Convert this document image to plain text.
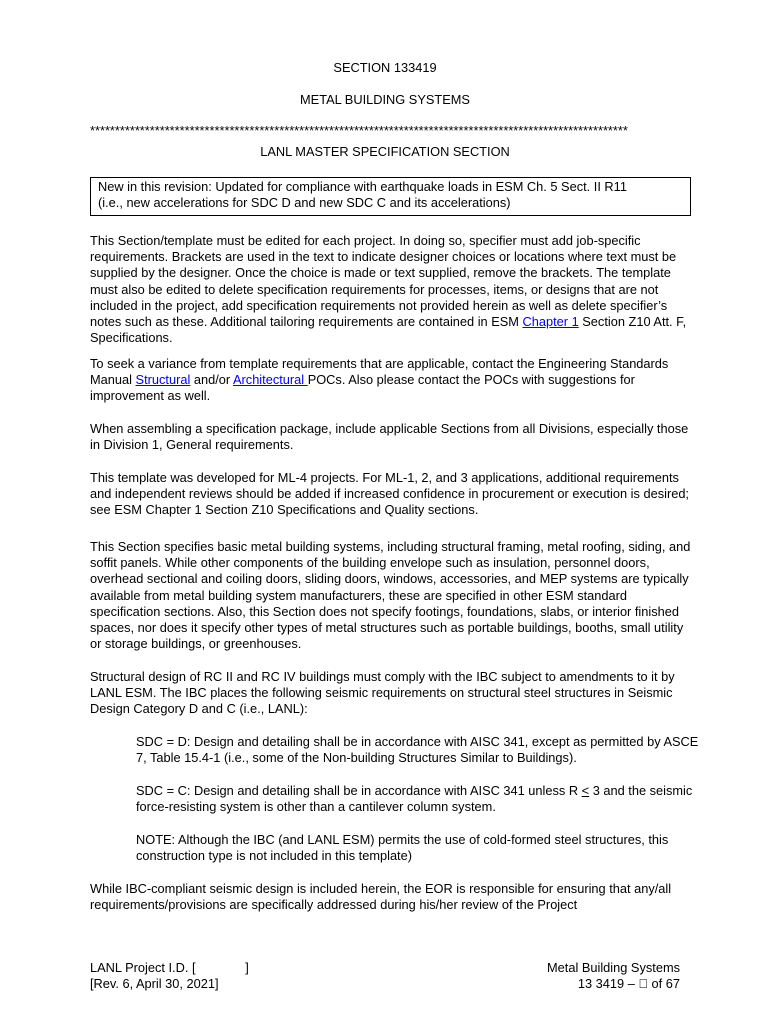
SECTION 133419
METAL BUILDING SYSTEMS
************************************************************************************************************
LANL MASTER SPECIFICATION SECTION
New in this revision: Updated for compliance with earthquake loads in ESM Ch. 5 Sect. II R11
(i.e., new accelerations for SDC D and new SDC C and its accelerations)
This Section/template must be edited for each project. In doing so, specifier must add job-specific requirements. Brackets are used in the text to indicate designer choices or locations where text must be supplied by the designer. Once the choice is made or text supplied, remove the brackets. The template must also be edited to delete specification requirements for processes, items, or designs that are not included in the project, add specification requirements not provided herein as well as delete specifier’s notes such as these. Additional tailoring requirements are contained in ESM Chapter 1 Section Z10 Att. F, Specifications.
To seek a variance from template requirements that are applicable, contact the Engineering Standards Manual Structural and/or Architectural POCs. Also please contact the POCs with suggestions for improvement as well.
When assembling a specification package, include applicable Sections from all Divisions, especially those in Division 1, General requirements.
This template was developed for ML-4 projects. For ML-1, 2, and 3 applications, additional requirements and independent reviews should be added if increased confidence in procurement or execution is desired; see ESM Chapter 1 Section Z10 Specifications and Quality sections.
This Section specifies basic metal building systems, including structural framing, metal roofing, siding, and soffit panels. While other components of the building envelope such as insulation, personnel doors, overhead sectional and coiling doors, sliding doors, windows, accessories, and MEP systems are typically available from metal building system manufacturers, these are specified in other ESM standard specification sections. Also, this Section does not specify footings, foundations, slabs, or interior finished spaces, nor does it specify other types of metal structures such as portable buildings, booths, small utility or storage buildings, or greenhouses.
Structural design of RC II and RC IV buildings must comply with the IBC subject to amendments to it by LANL ESM. The IBC places the following seismic requirements on structural steel structures in Seismic Design Category D and C (i.e., LANL):
SDC = D: Design and detailing shall be in accordance with AISC 341, except as permitted by ASCE 7, Table 15.4-1 (i.e., some of the Non-building Structures Similar to Buildings).
SDC = C: Design and detailing shall be in accordance with AISC 341 unless R < 3 and the seismic force-resisting system is other than a cantilever column system.
NOTE: Although the IBC (and LANL ESM) permits the use of cold-formed steel structures, this construction type is not included in this template)
While IBC-compliant seismic design is included herein, the EOR is responsible for ensuring that any/all requirements/provisions are specifically addressed during his/her review of the Project
LANL Project I.D. [              ]
[Rev. 6, April 30, 2021]
Metal Building Systems
13 3419 –   of 67
